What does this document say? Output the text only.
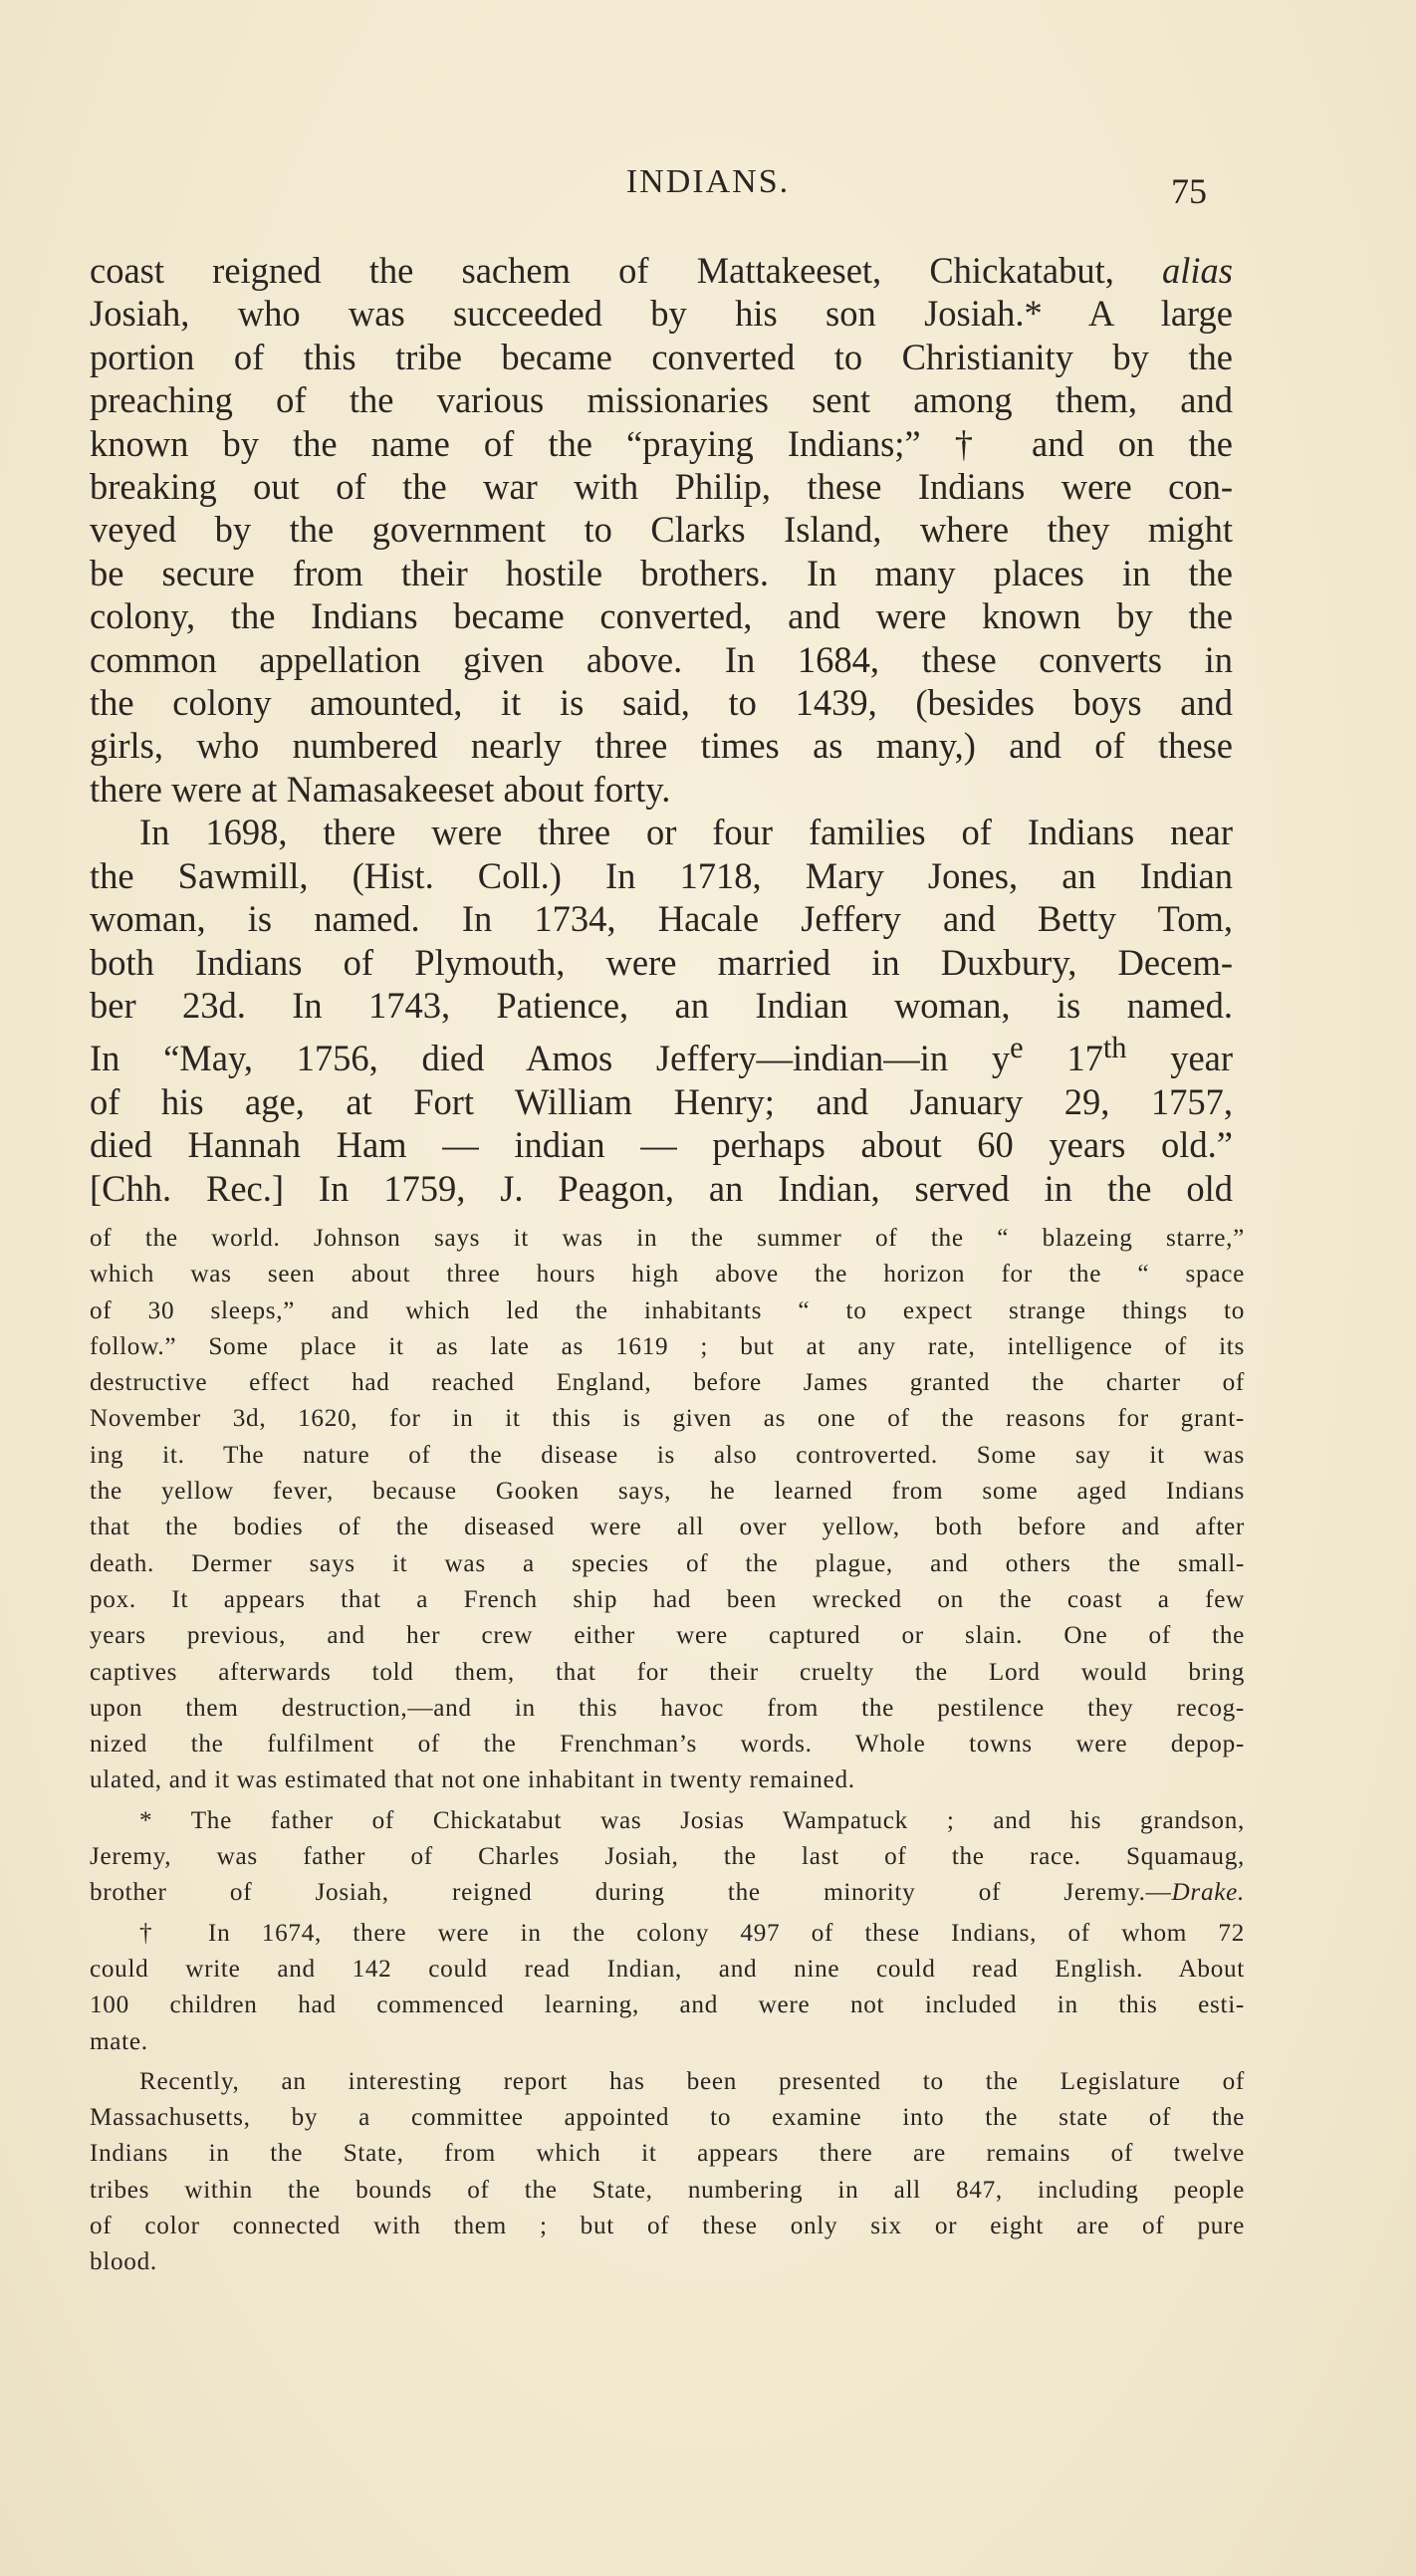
INDIANS.	75
coast reigned the sachem of Mattakeeset, Chickatabut, alias
Josiah, who was succeeded by his son Josiah.* A large
portion of this tribe became converted to Christianity by the
preaching of the various missionaries sent among them, and
known by the name of the “praying Indians;” † and on the
breaking out of the war with Philip, these Indians were con-
veyed by the government to Clarks Island, where they might
be secure from their hostile brothers. In many places in the
colony, the Indians became converted, and were known by the
common appellation given above. In 1684, these converts in
the colony amounted, it is said, to 1439, (besides boys and
girls, who numbered nearly three times as many,) and of these
there were at Namasakeeset about forty.
In 1698, there were three or four families of Indians near
the Sawmill, (Hist. Coll.) In 1718, Mary Jones, an Indian
woman, is named. In 1734, Hacale Jeffery and Betty Tom,
both Indians of Plymouth, were married in Duxbury, Decem-
ber 23d. In 1743, Patience, an Indian woman, is named.
In “May, 1756, died Amos Jeffery—indian—in $y^e$ 17th year
of his age, at Fort William Henry; and January 29, 1757,
died Hannah Ham — indian — perhaps about 60 years old.”
[Chh. Rec.] In 1759, J. Peagon, an Indian, served in the old
of the world. Johnson says it was in the summer of the “ blazeing starre,”
which was seen about three hours high above the horizon for the “ space
of 30 sleeps,” and which led the inhabitants “ to expect strange things to
follow.” Some place it as late as 1619 ; but at any rate, intelligence of its
destructive effect had reached England, before James granted the charter of
November 3d, 1620, for in it this is given as one of the reasons for grant-
ing it. The nature of the disease is also controverted. Some say it was
the yellow fever, because Gooken says, he learned from some aged Indians
that the bodies of the diseased were all over yellow, both before and after
death. Dermer says it was a species of the plague, and others the small-
pox. It appears that a French ship had been wrecked on the coast a few
years previous, and her crew either were captured or slain. One of the
captives afterwards told them, that for their cruelty the Lord would bring
upon them destruction,—and in this havoc from the pestilence they recog-
nized the fulfilment of the Frenchman’s words. Whole towns were depop-
ulated, and it was estimated that not one inhabitant in twenty remained.
* The father of Chickatabut was Josias Wampatuck ; and his grandson,
Jeremy, was father of Charles Josiah, the last of the race. Squamaug,
brother of Josiah, reigned during the minority of Jeremy.—Drake.
† In 1674, there were in the colony 497 of these Indians, of whom 72
could write and 142 could read Indian, and nine could read English. About
100 children had commenced learning, and were not included in this esti-
mate.
Recently, an interesting report has been presented to the Legislature of
Massachusetts, by a committee appointed to examine into the state of the
Indians in the State, from which it appears there are remains of twelve
tribes within the bounds of the State, numbering in all 847, including people
of color connected with them ; but of these only six or eight are of pure
blood.
